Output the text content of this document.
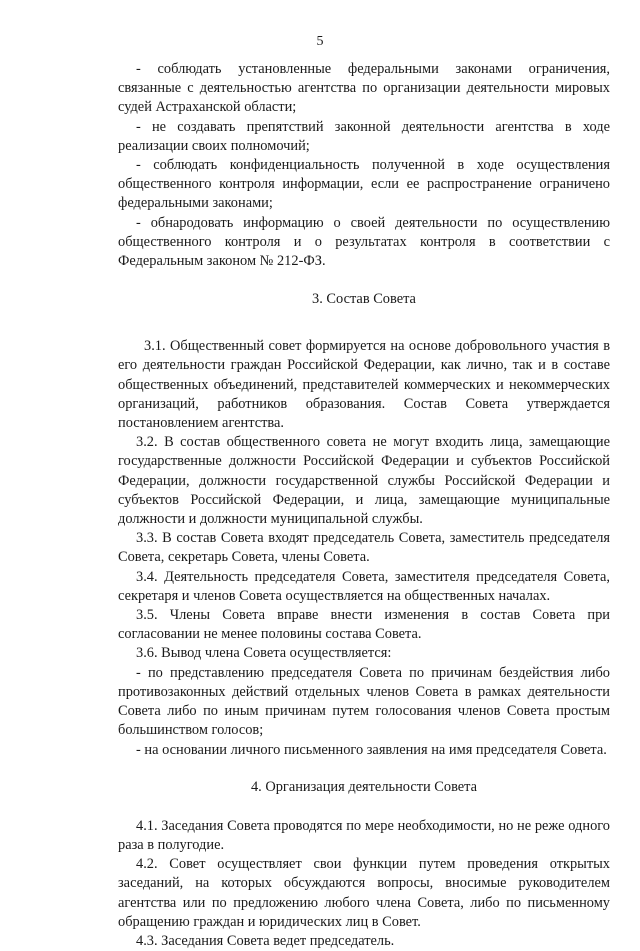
5

- соблюдать установленные федеральными законами ограничения, связанные с деятельностью агентства по организации деятельности мировых судей Астраханской области;

- не создавать препятствий законной деятельности агентства в ходе реализации своих полномочий;

- соблюдать конфиденциальность полученной в ходе осуществления общественного контроля информации, если ее распространение ограничено федеральными законами;

- обнародовать информацию о своей деятельности по осуществлению общественного контроля и о результатах контроля в соответствии с Федеральным законом № 212-ФЗ.

3. Состав Совета

3.1. Общественный совет формируется на основе добровольного участия в его деятельности граждан Российской Федерации, как лично, так и в составе общественных объединений, представителей коммерческих и некоммерческих организаций, работников образования. Состав Совета утверждается постановлением агентства.

3.2. В состав общественного совета не могут входить лица, замещающие государственные должности Российской Федерации и субъектов Российской Федерации, должности государственной службы Российской Федерации и субъектов Российской Федерации, и лица, замещающие муниципальные должности и должности муниципальной службы.

3.3. В состав Совета входят председатель Совета, заместитель председателя Совета, секретарь Совета, члены Совета.

3.4. Деятельность председателя Совета, заместителя председателя Совета, секретаря и членов Совета осуществляется на общественных началах.

3.5. Члены Совета вправе внести изменения в состав Совета при согласовании не менее половины состава Совета.

3.6. Вывод члена Совета осуществляется:

- по представлению председателя Совета по причинам бездействия либо противозаконных действий отдельных членов Совета в рамках деятельности Совета либо по иным причинам путем голосования членов Совета простым большинством голосов;

- на основании личного письменного заявления на имя председателя Совета.

4. Организация деятельности Совета

4.1. Заседания Совета проводятся по мере необходимости, но не реже одного раза в полугодие.

4.2. Совет осуществляет свои функции путем проведения открытых заседаний, на которых обсуждаются вопросы, вносимые руководителем агентства или по предложению любого члена Совета, либо по письменному обращению граждан и юридических лиц в Совет.

4.3. Заседания Совета ведет председатель.
